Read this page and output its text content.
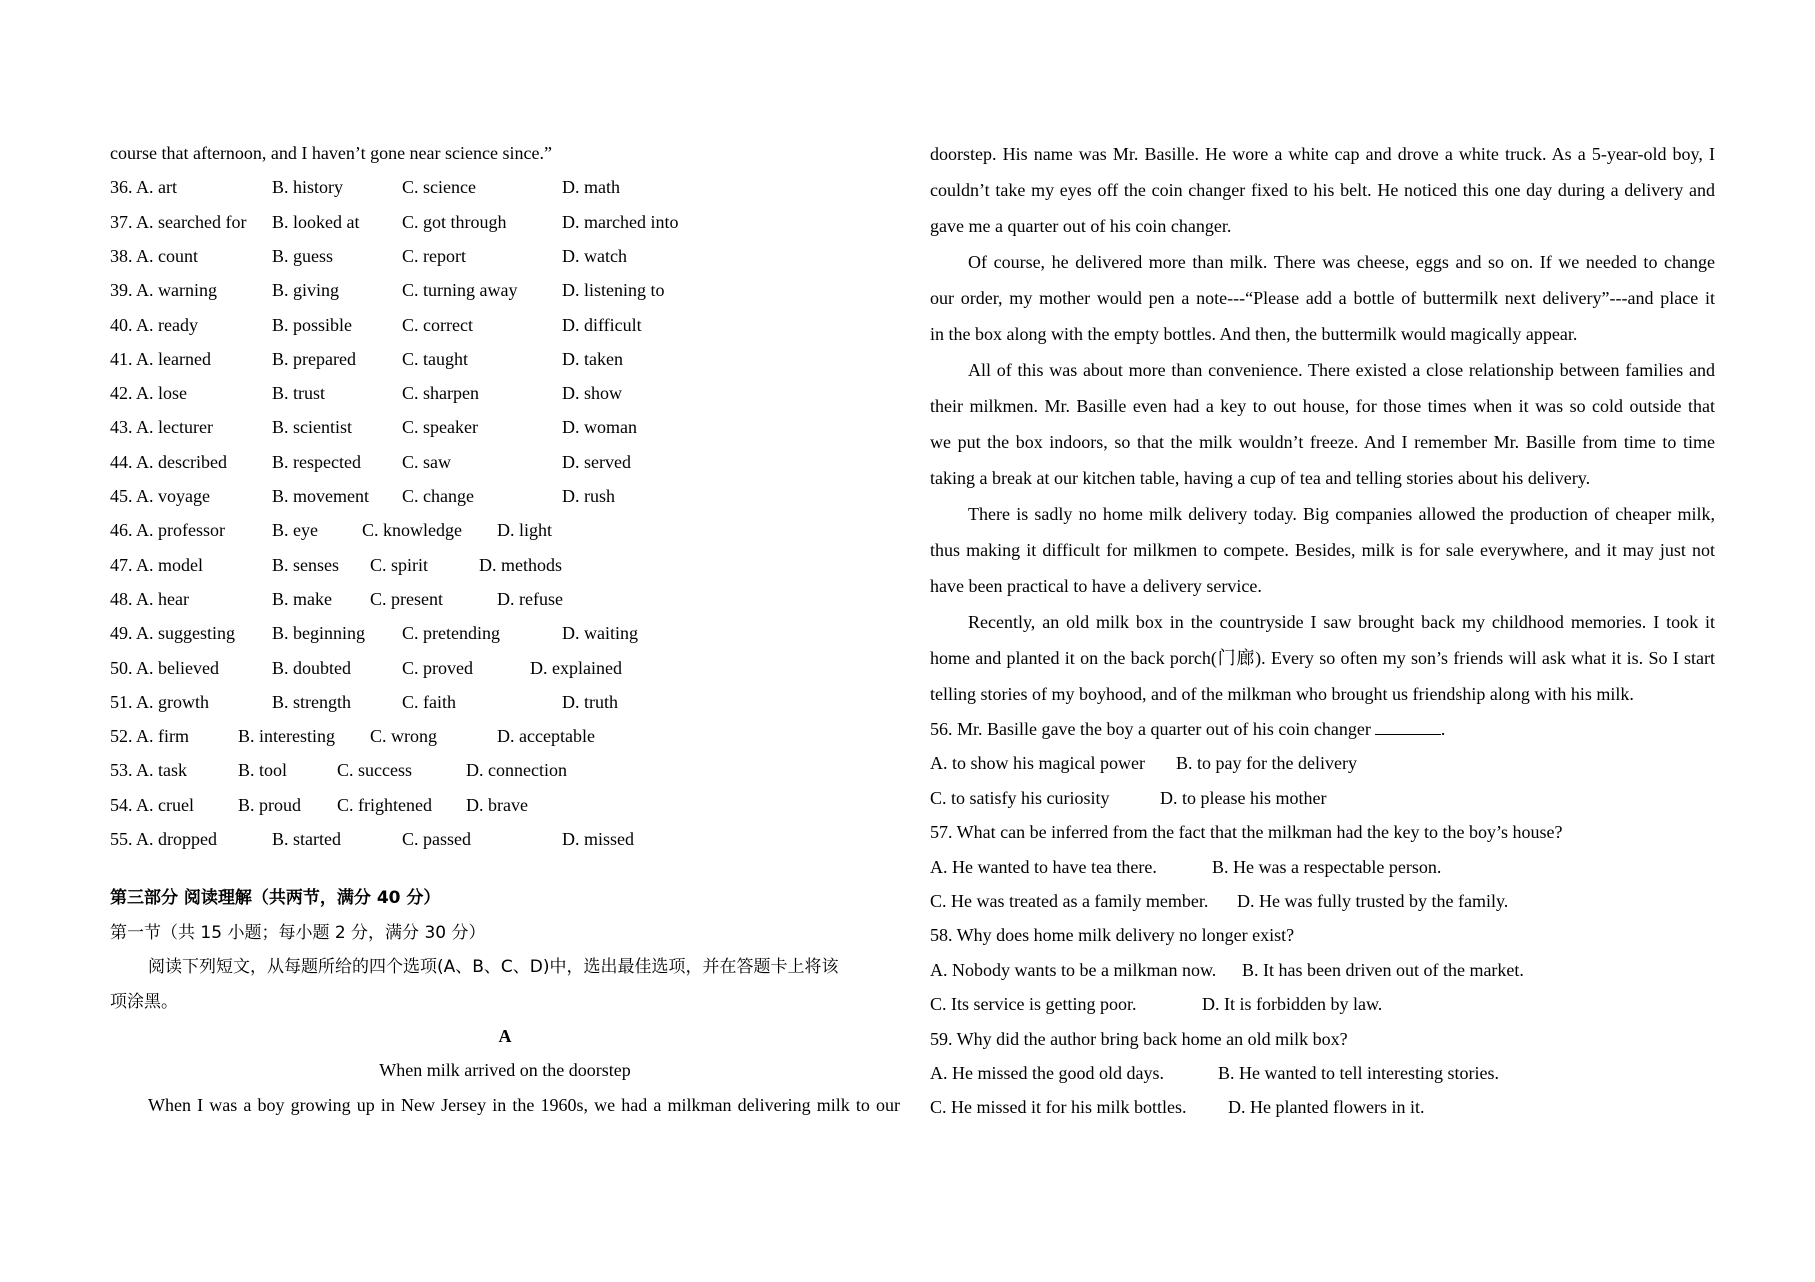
course that afternoon, and I haven’t gone near science since.”
36. A. art	B. history	C. science	D. math
37. A. searched for B. looked at C. got through	D. marched into
38. A. count	B. guess	C. report	D. watch
39. A. warning	B. giving	C. turning away D. listening to
40. A. ready	B. possible	C. correct	D. difficult
41. A. learned	B. prepared	C. taught	D. taken
42. A. lose	B. trust	C. sharpen	D. show
43. A. lecturer	B. scientist	C. speaker	D. woman
44. A. described	B. respected C. saw	D. served
45. A. voyage	B. movement C. change	D. rush
46. A. professor	B. eye C. knowledge D. light
47. A. model	B. senses C. spirit	D. methods
48. A. hear	B. make C. present	D. refuse
49. A. suggesting B. beginning C. pretending	D. waiting
50. A. believed	B. doubted	C. proved	D. explained
51. A. growth	B. strength	C. faith	D. truth
52. A. firm	B. interesting C. wrong	D. acceptable
53. A. task	B. tool	C. success	D. connection
54. A. cruel B. proud C. frightened D. brave
55. A. dropped	B. started	C. passed	D. missed
第三部分 阅读理解（共两节，满分 40 分）
第一节（共 15 小题；每小题 2 分，满分 30 分）
阅读下列短文，从每题所给的四个选项(A、B、C、D)中，选出最佳选项，并在答题卡上将该
项涂黑。
A
When milk arrived on the doorstep
When I was a boy growing up in New Jersey in the 1960s, we had a milkman delivering milk to our
doorstep. His name was Mr. Basille. He wore a white cap and drove a white truck. As a 5-year-old boy, I
couldn’t take my eyes off the coin changer fixed to his belt. He noticed this one day during a delivery and
gave me a quarter out of his coin changer.
Of course, he delivered more than milk. There was cheese, eggs and so on. If we needed to change
our order, my mother would pen a note---“Please add a bottle of buttermilk next delivery”---and place it
in the box along with the empty bottles. And then, the buttermilk would magically appear.
All of this was about more than convenience. There existed a close relationship between families and
their milkmen. Mr. Basille even had a key to out house, for those times when it was so cold outside that
we put the box indoors, so that the milk wouldn’t freeze. And I remember Mr. Basille from time to time
taking a break at our kitchen table, having a cup of tea and telling stories about his delivery.
There is sadly no home milk delivery today. Big companies allowed the production of cheaper milk,
thus making it difficult for milkmen to compete. Besides, milk is for sale everywhere, and it may just not
have been practical to have a delivery service.
Recently, an old milk box in the countryside I saw brought back my childhood memories. I took it
home and planted it on the back porch(门廊). Every so often my son’s friends will ask what it is. So I start
telling stories of my boyhood, and of the milkman who brought us friendship along with his milk.
56. Mr. Basille gave the boy a quarter out of his coin changer	.
A. to show his magical power B. to pay for the delivery
C. to satisfy his curiosity	D. to please his mother
57. What can be inferred from the fact that the milkman had the key to the boy’s house?
A. He wanted to have tea there.	B. He was a respectable person.
C. He was treated as a family member. D. He was fully trusted by the family.
58. Why does home milk delivery no longer exist?
A. Nobody wants to be a milkman now. B. It has been driven out of the market.
C. Its service is getting poor.	D. It is forbidden by law.
59. Why did the author bring back home an old milk box?
A. He missed the good old days.	B. He wanted to tell interesting stories.
C. He missed it for his milk bottles. D. He planted flowers in it.
